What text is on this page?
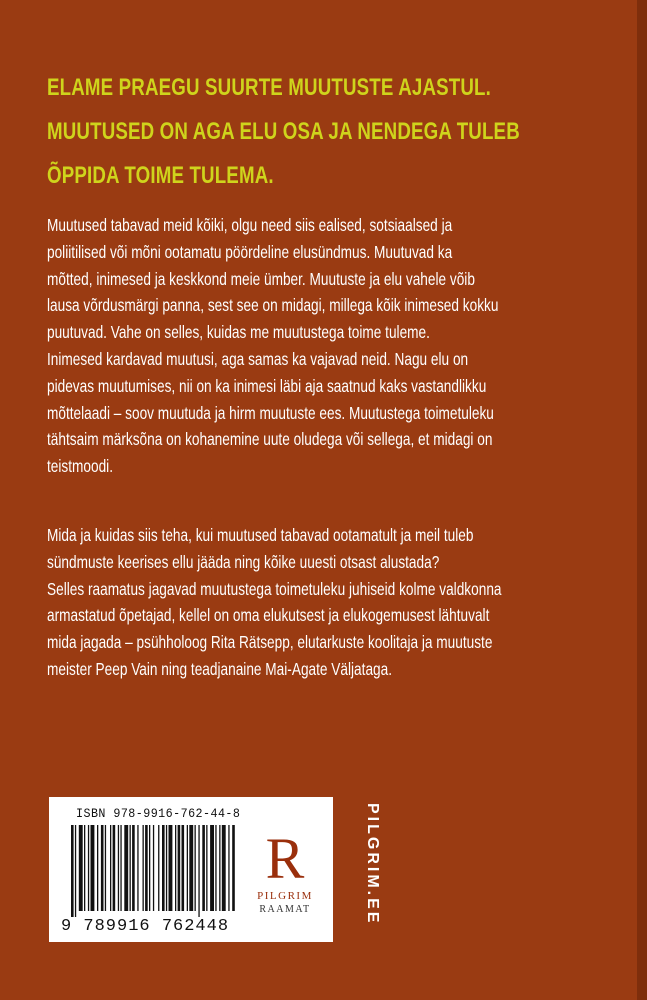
ELAME PRAEGU SUURTE MUUTUSTE AJASTUL.
MUUTUSED ON AGA ELU OSA JA NENDEGA TULEB
ÕPPIDA TOIME TULEMA.
Muutused tabavad meid kõiki, olgu need siis ealised, sotsiaalsed ja
poliitilised või mõni ootamatu pöördeline elusündmus. Muutuvad ka
mõtted, inimesed ja keskkond meie ümber. Muutuste ja elu vahele võib
lausa võrdusmärgi panna, sest see on midagi, millega kõik inimesed kokku
puutuvad. Vahe on selles, kuidas me muutustega toime tuleme.
Inimesed kardavad muutusi, aga samas ka vajavad neid. Nagu elu on
pidevas muutumises, nii on ka inimesi läbi aja saatnud kaks vastandlikku
mõttelaadi – soov muutuda ja hirm muutuste ees. Muutustega toimetuleku
tähtsaim märksõna on kohanemine uute oludega või sellega, et midagi on
teistmoodi.
Mida ja kuidas siis teha, kui muutused tabavad ootamatult ja meil tuleb
sündmuste keerises ellu jääda ning kõike uuesti otsast alustada?
Selles raamatus jagavad muutustega toimetuleku juhiseid kolme valdkonna
armastatud õpetajad, kellel on oma elukutsest ja elukogemusest lähtuvalt
mida jagada – psühholoog Rita Rätsepp, elutarkuste koolitaja ja muutuste
meister Peep Vain ning teadjanaine Mai-Agate Väljataga.
ISBN 978-9916-762-44-8
9 789916 762448
R
PILGRIM
RAAMAT	PILGRIM.EE
